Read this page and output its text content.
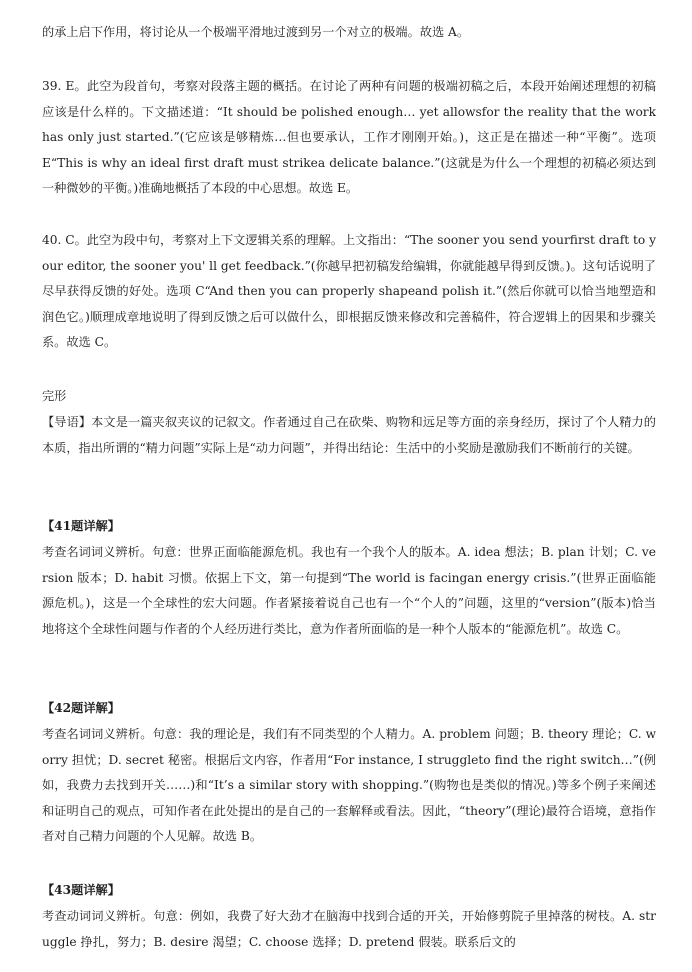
的承上启下作用，将讨论从一个极端平滑地过渡到另一个对立的极端。故选 A。
39. E。此空为段首句，考察对段落主题的概括。在讨论了两种有问题的极端初稿之后，本段开始阐述理想的初稿应该是什么样的。下文描述道：“It should be polished enough… yet allowsfor the reality that the work has only just started.”(它应该是够精炼…但也要承认，工作才刚刚开始。)，这正是在描述一种“平衡”。选项 E“This is why an ideal first draft must strikea delicate balance.”(这就是为什么一个理想的初稿必须达到一种微妙的平衡。)准确地概括了本段的中心思想。故选 E。
40. C。此空为段中句，考察对上下文逻辑关系的理解。上文指出：“The sooner you send yourfirst draft to your editor, the sooner you' ll get feedback.”(你越早把初稿发给编辑，你就能越早得到反馈。)。这句话说明了尽早获得反馈的好处。选项 C“And then you can properly shapeand polish it.”(然后你就可以恰当地塑造和润色它。)顺理成章地说明了得到反馈之后可以做什么，即根据反馈来修改和完善稿件，符合逻辑上的因果和步骤关系。故选 C。
完形
【导语】本文是一篇夹叙夹议的记叙文。作者通过自己在砍柴、购物和远足等方面的亲身经历，探讨了个人精力的本质，指出所谓的“精力问题”实际上是“动力问题”，并得出结论：生活中的小奖励是激励我们不断前行的关键。
【41题详解】
考查名词词义辨析。句意：世界正面临能源危机。我也有一个我个人的版本。A. idea 想法；B. plan 计划；C. version 版本；D. habit 习惯。依据上下文，第一句提到“The world is facingan energy crisis.”(世界正面临能源危机。)，这是一个全球性的宏大问题。作者紧接着说自己也有一个“个人的”问题，这里的“version”(版本)恰当地将这个全球性问题与作者的个人经历进行类比，意为作者所面临的是一种个人版本的“能源危机”。故选 C。
【42题详解】
考查名词词义辨析。句意：我的理论是，我们有不同类型的个人精力。A. problem 问题；B. theory 理论；C. worry 担忧；D. secret 秘密。根据后文内容，作者用“For instance, I struggleto find the right switch…”(例如，我费力去找到开关……)和“It’s a similar story with shopping.”(购物也是类似的情况。)等多个例子来阐述和证明自己的观点，可知作者在此处提出的是自己的一套解释或看法。因此，“theory”(理论)最符合语境，意指作者对自己精力问题的个人见解。故选 B。
【43题详解】
考查动词词义辨析。句意：例如，我费了好大劲才在脑海中找到合适的开关，开始修剪院子里掉落的树枝。A. struggle 挣扎，努力；B. desire 渴望；C. choose 选择；D. pretend 假装。联系后文的
